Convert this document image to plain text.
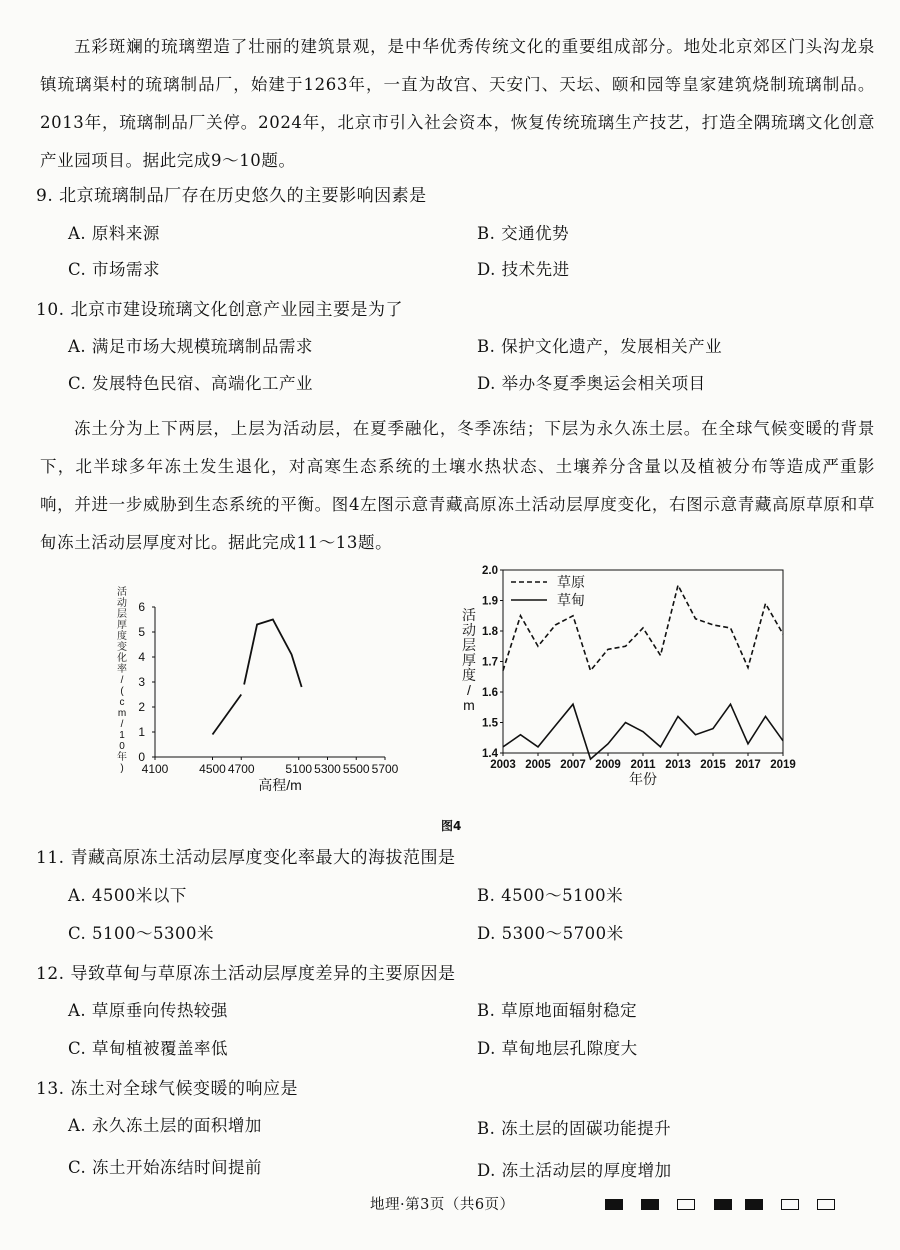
五彩斑斓的琉璃塑造了壮丽的建筑景观，是中华优秀传统文化的重要组成部分。地处北京郊区门头沟龙泉镇琉璃渠村的琉璃制品厂，始建于1263年，一直为故宫、天安门、天坛、颐和园等皇家建筑烧制琉璃制品。2013年，琉璃制品厂关停。2024年，北京市引入社会资本，恢复传统琉璃生产技艺，打造全隅琉璃文化创意产业园项目。据此完成9～10题。

9. 北京琉璃制品厂存在历史悠久的主要影响因素是

A. 原料来源	B. 交通优势

C. 市场需求	D. 技术先进

10. 北京市建设琉璃文化创意产业园主要是为了

A. 满足市场大规模琉璃制品需求	B. 保护文化遗产，发展相关产业

C. 发展特色民宿、高端化工产业	D. 举办冬夏季奥运会相关项目

冻土分为上下两层，上层为活动层，在夏季融化，冬季冻结；下层为永久冻土层。在全球气候变暖的背景下，北半球多年冻土发生退化，对高寒生态系统的土壤水热状态、土壤养分含量以及植被分布等造成严重影响，并进一步威胁到生态系统的平衡。图4左图示意青藏高原冻土活动层厚度变化，右图示意青藏高原草原和草甸冻土活动层厚度对比。据此完成11～13题。

4100	4500 4700	5100 5300 5500 5700
0
1
2
3
4
5
6
高程/m
活
动
层
厚
度
变
化
率
/
(
c
m
/
1
0
年
)	2003 2005 2007 2009 2011 2013 2015 2017 2019
1.4
1.5
1.6
1.7
1.8
1.9
2.0
草原
草甸
年份
活
动
层
厚
度
/
m
图4

11. 青藏高原冻土活动层厚度变化率最大的海拔范围是

A. 4500米以下	B. 4500～5100米

C. 5100～5300米	D. 5300～5700米

12. 导致草甸与草原冻土活动层厚度差异的主要原因是

A. 草原垂向传热较强	B. 草原地面辐射稳定

C. 草甸植被覆盖率低	D. 草甸地层孔隙度大

13. 冻土对全球气候变暖的响应是

A. 永久冻土层的面积增加	B. 冻土层的固碳功能提升

C. 冻土开始冻结时间提前	D. 冻土活动层的厚度增加

地理·第3页（共6页）
